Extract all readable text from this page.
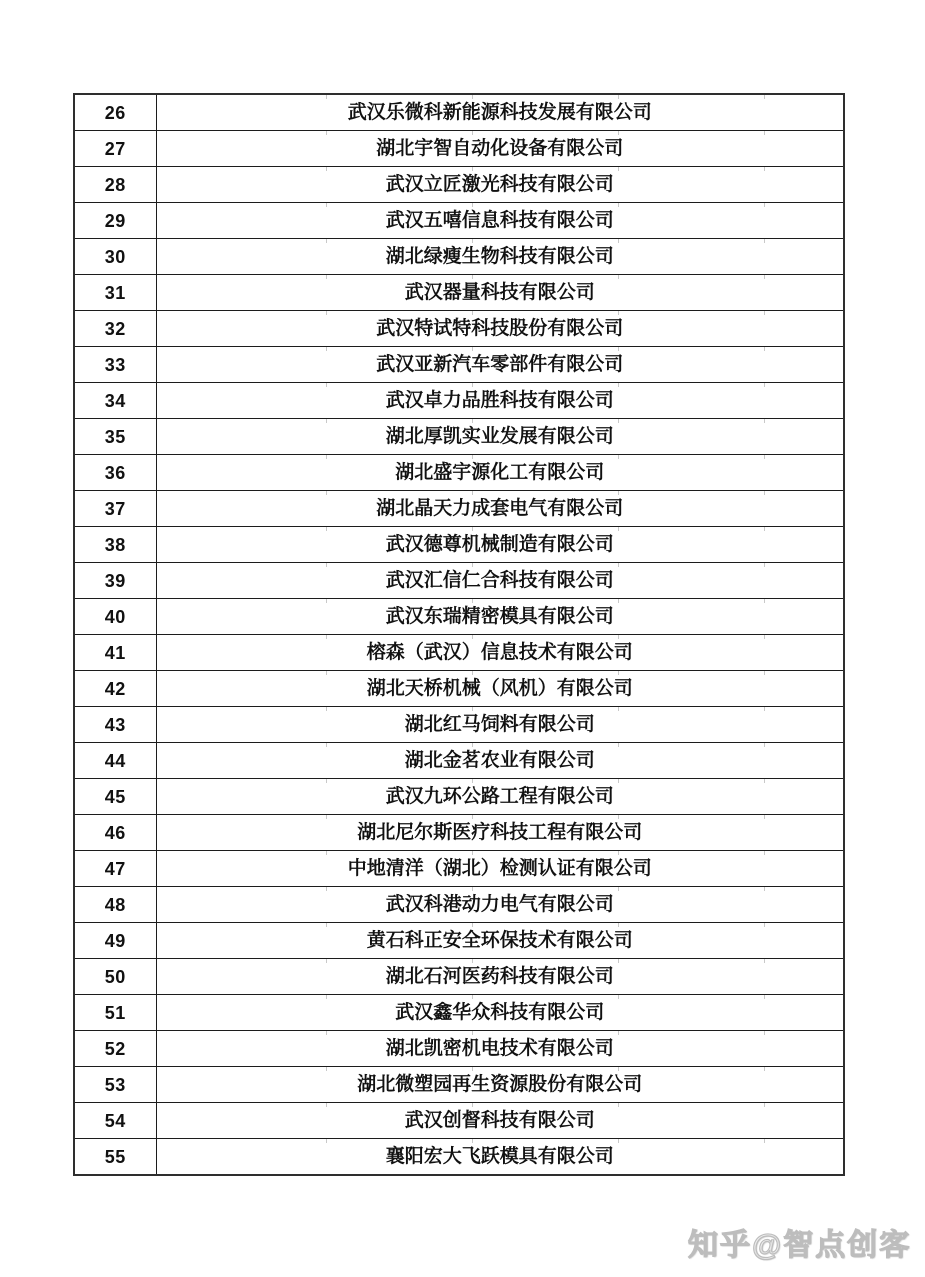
26	武汉乐微科新能源科技发展有限公司
27	湖北宇智自动化设备有限公司
28	武汉立匠激光科技有限公司
29	武汉五嘻信息科技有限公司
30	湖北绿瘦生物科技有限公司
31	武汉器量科技有限公司
32	武汉特试特科技股份有限公司
33	武汉亚新汽车零部件有限公司
34	武汉卓力品胜科技有限公司
35	湖北厚凯实业发展有限公司
36	湖北盛宇源化工有限公司
37	湖北晶天力成套电气有限公司
38	武汉德尊机械制造有限公司
39	武汉汇信仁合科技有限公司
40	武汉东瑞精密模具有限公司
41	榕森（武汉）信息技术有限公司
42	湖北天桥机械（风机）有限公司
43	湖北红马饲料有限公司
44	湖北金茗农业有限公司
45	武汉九环公路工程有限公司
46	湖北尼尔斯医疗科技工程有限公司
47	中地清洋（湖北）检测认证有限公司
48	武汉科港动力电气有限公司
49	黄石科正安全环保技术有限公司
50	湖北石河医药科技有限公司
51	武汉鑫华众科技有限公司
52	湖北凯密机电技术有限公司
53	湖北微塑园再生资源股份有限公司
54	武汉创督科技有限公司
55	襄阳宏大飞跃模具有限公司
知乎@智点创客
